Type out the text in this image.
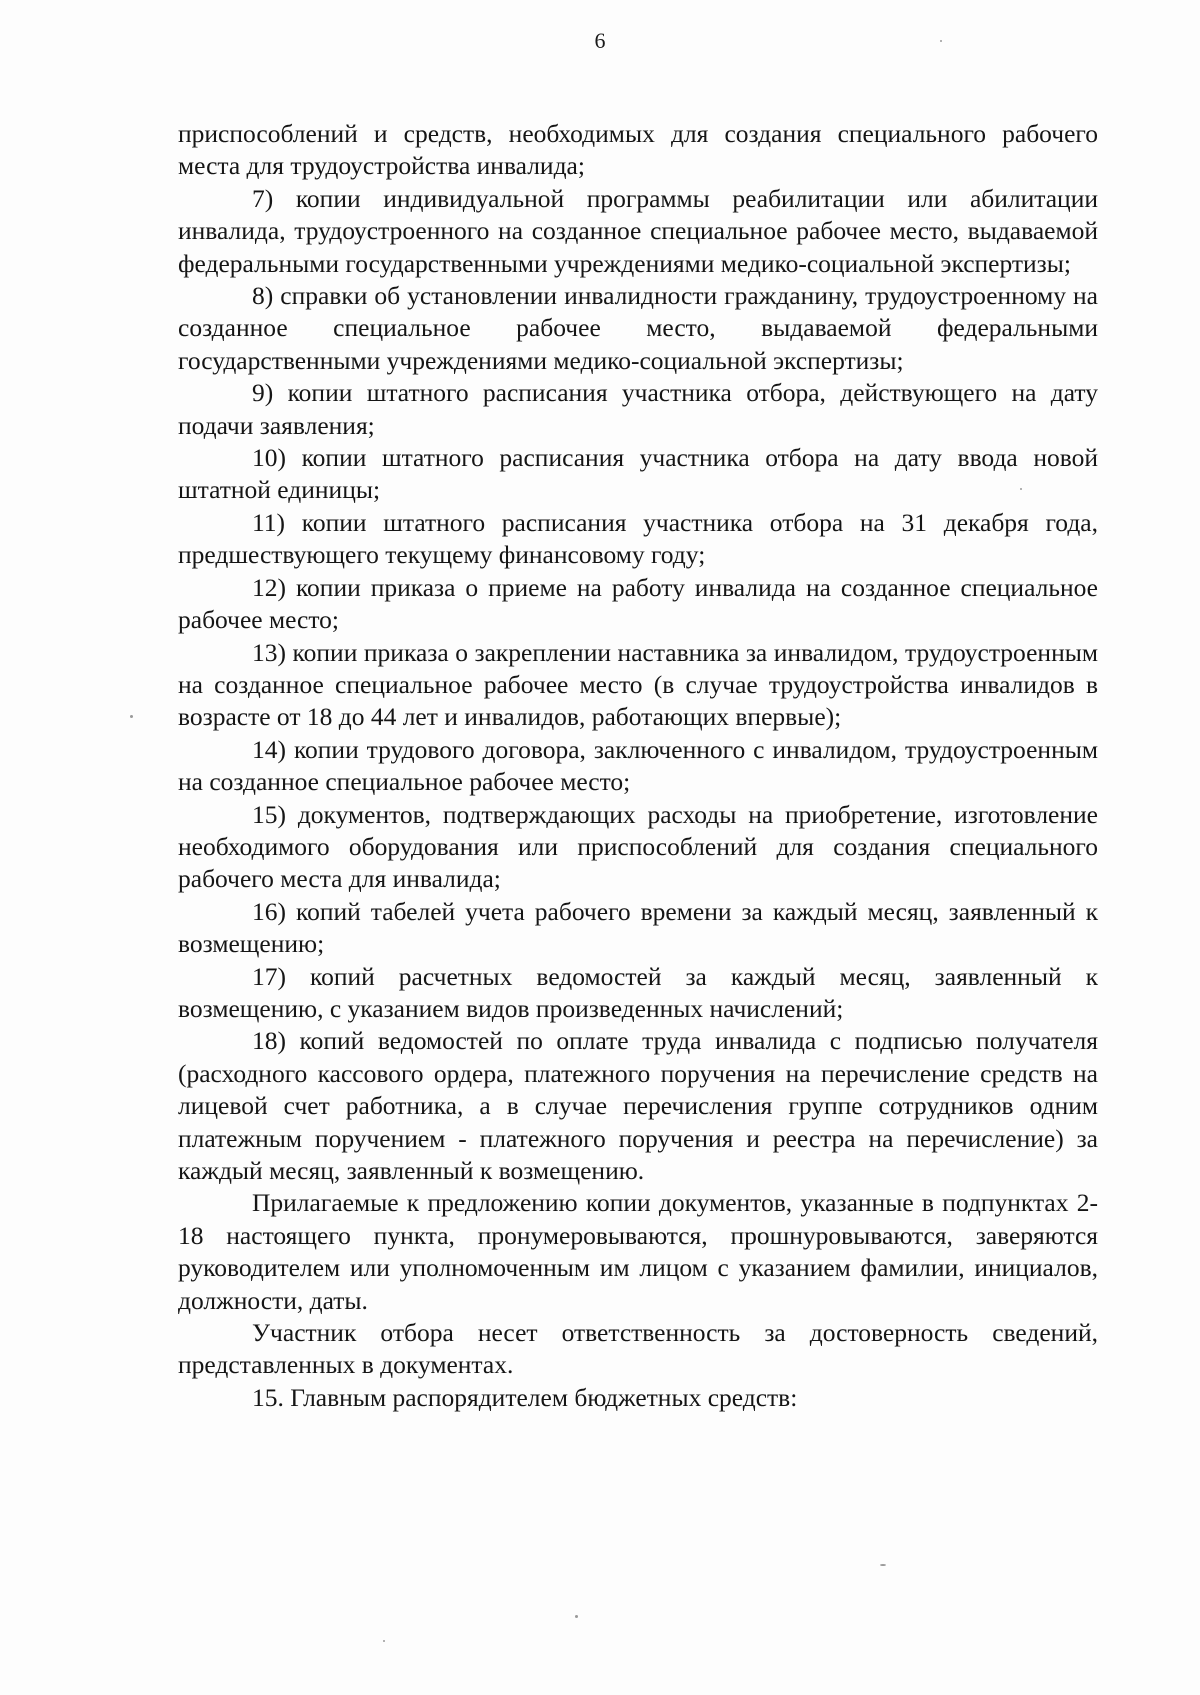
6

приспособлений и средств, необходимых для создания специального рабочего места для трудоустройства инвалида;

7) копии индивидуальной программы реабилитации или абилитации инвалида, трудоустроенного на созданное специальное рабочее место, выдаваемой федеральными государственными учреждениями медико-социальной экспертизы;

8) справки об установлении инвалидности гражданину, трудоустроенному на созданное специальное рабочее место, выдаваемой федеральными государственными учреждениями медико-социальной экспертизы;

9) копии штатного расписания участника отбора, действующего на дату подачи заявления;

10) копии штатного расписания участника отбора на дату ввода новой штатной единицы;

11) копии штатного расписания участника отбора на 31 декабря года, предшествующего текущему финансовому году;

12) копии приказа о приеме на работу инвалида на созданное специальное рабочее место;

13) копии приказа о закреплении наставника за инвалидом, трудоустроенным на созданное специальное рабочее место (в случае трудоустройства инвалидов в возрасте от 18 до 44 лет и инвалидов, работающих впервые);

14) копии трудового договора, заключенного с инвалидом, трудоустроенным на созданное специальное рабочее место;

15) документов, подтверждающих расходы на приобретение, изготовление необходимого оборудования или приспособлений для создания специального рабочего места для инвалида;

16) копий табелей учета рабочего времени за каждый месяц, заявленный к возмещению;

17) копий расчетных ведомостей за каждый месяц, заявленный к возмещению, с указанием видов произведенных начислений;

18) копий ведомостей по оплате труда инвалида с подписью получателя (расходного кассового ордера, платежного поручения на перечисление средств на лицевой счет работника, а в случае перечисления группе сотрудников одним платежным поручением - платежного поручения и реестра на перечисление) за каждый месяц, заявленный к возмещению.

Прилагаемые к предложению копии документов, указанные в подпунктах 2-18 настоящего пункта, пронумеровываются, прошнуровываются, заверяются руководителем или уполномоченным им лицом с указанием фамилии, инициалов, должности, даты.

Участник отбора несет ответственность за достоверность сведений, представленных в документах.

15. Главным распорядителем бюджетных средств:
